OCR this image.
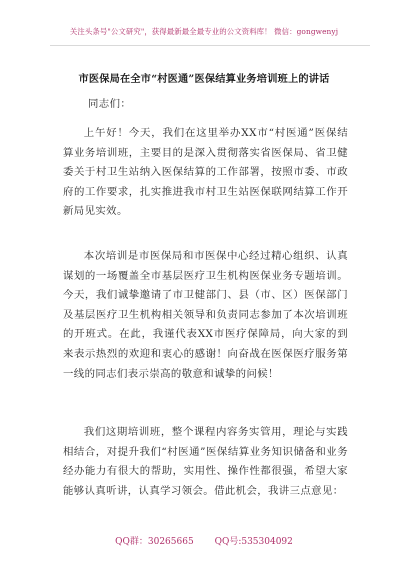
关注头条号"公文研究"，获得最新最全最专业的公文资料库！ 微信：gongwenyj
市医保局在全市“村医通”医保结算业务培训班上的讲话
同志们：
上午好！今天，我们在这里举办XX市“村医通”医保结算业务培训班，主要目的是深入贯彻落实省医保局、省卫健委关于村卫生站纳入医保结算的工作部署，按照市委、市政府的工作要求，扎实推进我市村卫生站医保联网结算工作开新局见实效。
本次培训是市医保局和市医保中心经过精心组织、认真谋划的一场覆盖全市基层医疗卫生机构医保业务专题培训。今天，我们诚挚邀请了市卫健部门、县（市、区）医保部门及基层医疗卫生机构相关领导和负责同志参加了本次培训班的开班式。在此，我谨代表XX市医疗保障局，向大家的到来表示热烈的欢迎和衷心的感谢！向奋战在医保医疗服务第一线的同志们表示崇高的敬意和诚挚的问候！
我们这期培训班，整个课程内容务实管用，理论与实践相结合，对提升我们“村医通”医保结算业务知识储备和业务经办能力有很大的帮助，实用性、操作性都很强，希望大家能够认真听讲，认真学习领会。借此机会，我讲三点意见：
QQ群：30265665 QQ号:535304092
